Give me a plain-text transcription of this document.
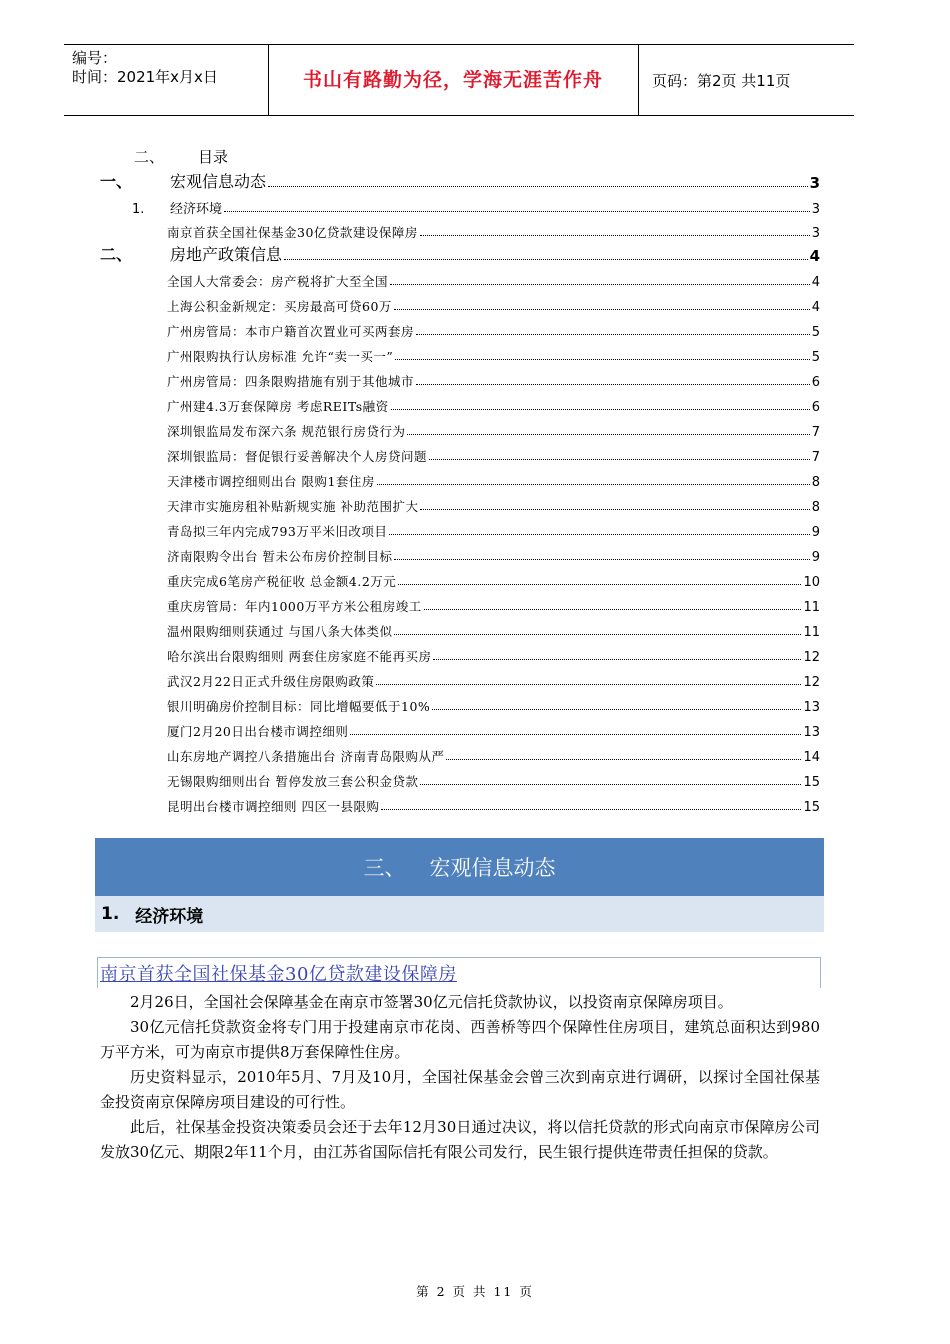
编号：
时间：2021年x月x日	书山有路勤为径，学海无涯苦作舟	页码：第2页 共11页
二、 目录
一、	宏观信息动态	3
1.	经济环境	3
南京首获全国社保基金30亿贷款建设保障房	3
二、	房地产政策信息	4
全国人大常委会：房产税将扩大至全国	4
上海公积金新规定：买房最高可贷60万	4
广州房管局：本市户籍首次置业可买两套房	5
广州限购执行认房标准 允许“卖一买一”	5
广州房管局：四条限购措施有别于其他城市	6
广州建4.3万套保障房 考虑REITs融资	6
深圳银监局发布深六条 规范银行房贷行为	7
深圳银监局：督促银行妥善解决个人房贷问题	7
天津楼市调控细则出台 限购1套住房	8
天津市实施房租补贴新规实施 补助范围扩大	8
青岛拟三年内完成793万平米旧改项目	9
济南限购令出台 暂未公布房价控制目标	9
重庆完成6笔房产税征收 总金额4.2万元	10
重庆房管局：年内1000万平方米公租房竣工	11
温州限购细则获通过 与国八条大体类似	11
哈尔滨出台限购细则 两套住房家庭不能再买房	12
武汉2月22日正式升级住房限购政策	12
银川明确房价控制目标：同比增幅要低于10%	13
厦门2月20日出台楼市调控细则	13
山东房地产调控八条措施出台 济南青岛限购从严	14
无锡限购细则出台 暂停发放三套公积金贷款	15
昆明出台楼市调控细则 四区一县限购	15
三、 宏观信息动态
1. 经济环境
南京首获全国社保基金30亿贷款建设保障房
2月26日，全国社会保障基金在南京市签署30亿元信托贷款协议，以投资南京保障房项目。
30亿元信托贷款资金将专门用于投建南京市花岗、西善桥等四个保障性住房项目，建筑总面积达到980万平方米，可为南京市提供8万套保障性住房。
历史资料显示，2010年5月、7月及10月，全国社保基金会曾三次到南京进行调研，以探讨全国社保基金投资南京保障房项目建设的可行性。
此后，社保基金投资决策委员会还于去年12月30日通过决议，将以信托贷款的形式向南京市保障房公司发放30亿元、期限2年11个月，由江苏省国际信托有限公司发行，民生银行提供连带责任担保的贷款。
第 2 页 共 11 页
